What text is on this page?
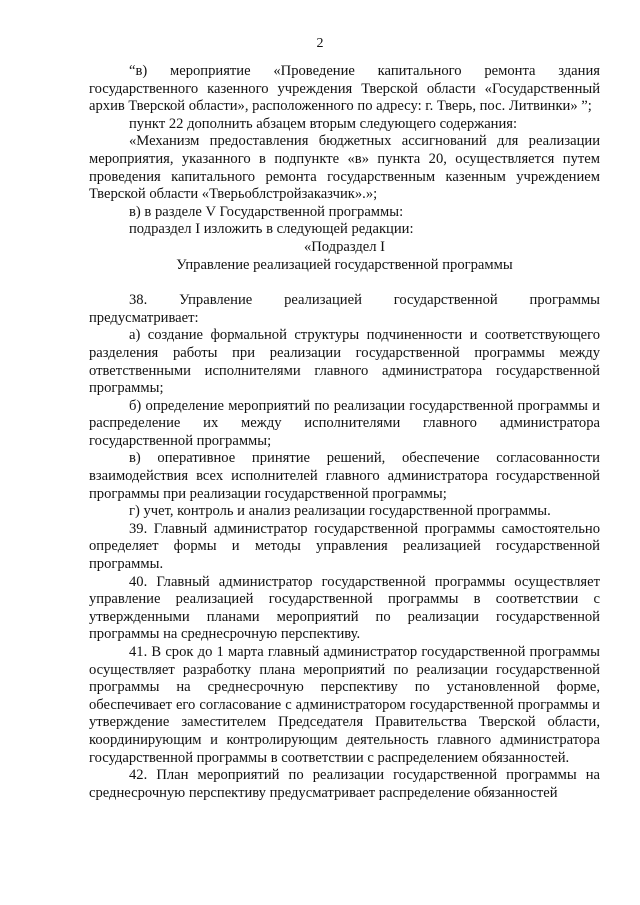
2

“в) мероприятие «Проведение капитального ремонта здания государственного казенного учреждения Тверской области «Государственный архив Тверской области», расположенного по адресу: г. Тверь, пос. Литвинки» ”;

пункт 22 дополнить абзацем вторым следующего содержания:

«Механизм предоставления бюджетных ассигнований для реализации мероприятия, указанного в подпункте «в» пункта 20, осуществляется путем проведения капитального ремонта государственным казенным учреждением Тверской области «Тверьоблстройзаказчик».»;

в) в разделе V Государственной программы:

подраздел I изложить в следующей редакции:

«Подраздел I

Управление реализацией государственной программы

38. Управление реализацией государственной программы предусматривает:

а) создание формальной структуры подчиненности и соответствующего разделения работы при реализации государственной программы между ответственными исполнителями главного администратора государственной программы;

б) определение мероприятий по реализации государственной программы и распределение их между исполнителями главного администратора государственной программы;

в) оперативное принятие решений, обеспечение согласованности взаимодействия всех исполнителей главного администратора государственной программы при реализации государственной программы;

г) учет, контроль и анализ реализации государственной программы.

39. Главный администратор государственной программы самостоятельно определяет формы и методы управления реализацией государственной программы.

40. Главный администратор государственной программы осуществляет управление реализацией государственной программы в соответствии с утвержденными планами мероприятий по реализации государственной программы на среднесрочную перспективу.

41. В срок до 1 марта главный администратор государственной программы осуществляет разработку плана мероприятий по реализации государственной программы на среднесрочную перспективу по установленной форме, обеспечивает его согласование с администратором государственной программы и утверждение заместителем Председателя Правительства Тверской области, координирующим и контролирующим деятельность главного администратора государственной программы в соответствии с распределением обязанностей.

42. План мероприятий по реализации государственной программы на среднесрочную перспективу предусматривает распределение обязанностей
